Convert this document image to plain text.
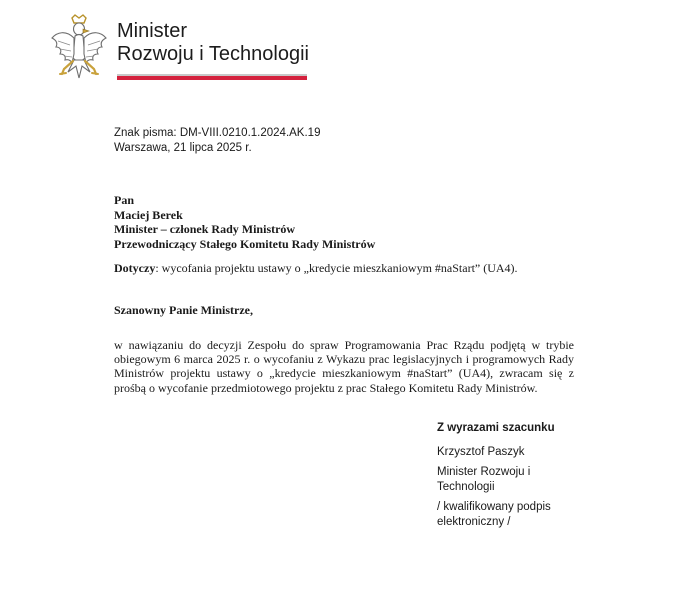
Minister
Rozwoju i Technologii
Znak pisma: DM-VIII.0210.1.2024.AK.19
Warszawa, 21 lipca 2025 r.
Pan
Maciej Berek
Minister – członek Rady Ministrów
Przewodniczący Stałego Komitetu Rady Ministrów
Dotyczy: wycofania projektu ustawy o „kredycie mieszkaniowym #naStart” (UA4).
Szanowny Panie Ministrze,
w nawiązaniu do decyzji Zespołu do spraw Programowania Prac Rządu podjętą w trybie obiegowym 6 marca 2025 r. o wycofaniu z Wykazu prac legislacyjnych i programowych Rady Ministrów projektu ustawy o „kredycie mieszkaniowym #naStart” (UA4), zwracam się z prośbą o wycofanie przedmiotowego projektu z prac Stałego Komitetu Rady Ministrów.
Z wyrazami szacunku
Krzysztof Paszyk
Minister Rozwoju i Technologii
/ kwalifikowany podpis elektroniczny /
